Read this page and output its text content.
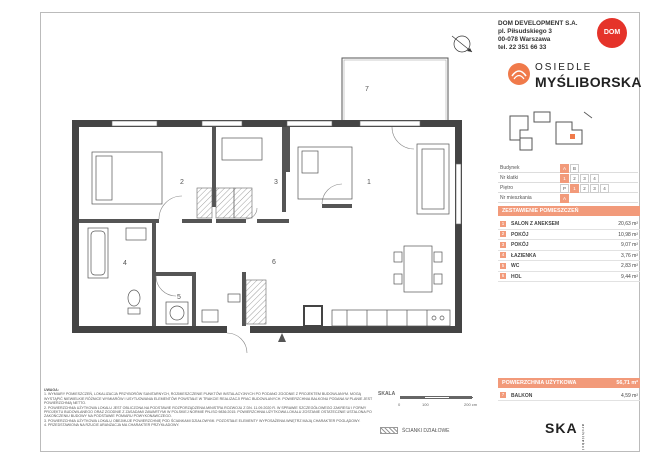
7
1
2	3
4
5
6
DOM DEVELOPMENT S.A.
pl. Piłsudskiego 3
00-078 Warszawa
tel. 22 351 66 33
DOM
OSIEDLE
MYŚLIBORSKA
Budynek	A	B
Nr klatki	1	2	3	4
Piętro	P	1	2	3	4
Nr mieszkania	A
ZESTAWIENIE POMIESZCZEŃ
1	SALON Z ANEKSEM	20,63 m²
2	POKÓJ	10,98 m²
3	POKÓJ	9,07 m²
4	ŁAZIENKA	3,76 m²
5	WC	2,83 m²
6	HOL	9,44 m²
POWIERZCHNIA UŻYTKOWA	56,71 m²
7	BALKON	4,59 m²
UWAGA:
1. WYMIARY POMIESZCZEŃ, LOKALIZACJA PRZYBORÓW SANITARNYCH, ROZMIESZCZENIE PUNKTÓW INSTALACYJNYCH PO PODANO ZGODNIE Z PROJEKTEM BUDOWLANYM. MOGĄ WYSTĄPIĆ NIEWIELKIE RÓŻNICE WYMIARÓW I USYTUOWANIA ELEMENTÓW POWSTAŁE W TRAKCIE REALIZACJI PRAC BUDOWLANYCH. POWIERZCHNIA BALKONU PODANA W PLANIE JEST POWIERZCHNIĄ NETTO.
2. POWIERZCHNIA UŻYTKOWA LOKALU JEST OBLICZONA NA PODSTAWIE ROZPORZĄDZENIA MINISTRA ROZWOJU Z DN. 11.09.2020 R. W SPRAWIE SZCZEGÓŁOWEGO ZAKRESU I FORMY PROJEKTU BUDOWLANEGO ORAZ ZGODNIE Z ZASADAMI ZAWARTYMI W POLSKIEJ NORMIE PN-ISO 9836:2015. POWIERZCHNIA UŻYTKOWA LOKALU ZOSTANIE OSTATECZNIE USTALONA PO ZAKOŃCZENIU BUDOWY NA PODSTAWIE POMIARU POWYKONAWCZEGO.
3. POWIERZCHNIA UŻYTKOWA LOKALU OBEJMUJE POWIERZCHNIĘ POD ŚCIANKAMI DZIAŁOWYMI. POZOSTAŁE ELEMENTY WYPOSAŻENIA WNĘTRZ MAJĄ CHARAKTER POGLĄDOWY.
4. PRZEDSTAWIONA NA RZUCIE ARANŻACJA MA CHARAKTER PRZYKŁADOWY.
SKALA
0	100	200 cm
ŚCIANKI DZIAŁOWE	SKA architekci
